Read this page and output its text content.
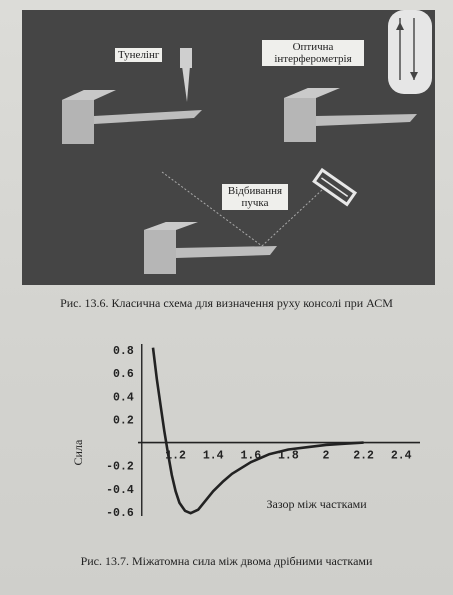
Тунелінг
Оптична інтерферометрія
Відбивання пучка
Рис. 13.6. Класична схема для визначення руху консолі при АСМ
0.8
0.6
0.4
0.2
-0.2
-0.4
-0.6
1.2 1.4 1.6 1.8 2 2.2 2.4
Сила
Зазор між частками
Рис. 13.7. Міжатомна сила між двома дрібними частками
